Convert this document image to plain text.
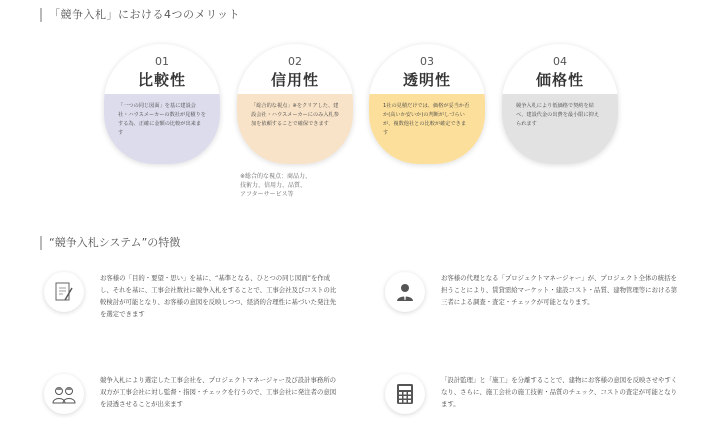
「競争入札」における4つのメリット
01
比較性
「一つの同じ図面」を基に建設会社・ハウスメーカーの数社が見積りをする為、正確に金額の比較が出来ます
02
信用性
「総合的な視点」※をクリアした、建設会社・ハウスメーカーにのみ入札参加を依頼することで確保できます
03
透明性
1社の見積だけでは、価格が妥当か否か(高いか安いか)の判断がしづらいが、複数他社との比較が確定できます
04
価格性
競争入札により低価格で契約を結べ、建設代金の出費を最小限に抑えられます
※総合的な視点：商品力、
技術力、信用力、品質、
アフターサービス等
“競争入札システム”の特徴
お客様の「目的・要望・思い」を基に、“基準となる、ひとつの同じ図面”を作成し、それを基に、工事会社数社に競争入札をすることで、工事会社及びコストの比較検討が可能となり、お客様の意図を反映しつつ、経済的合理性に基づいた発注先を選定できます
お客様の代理となる「プロジェクトマネージャー」が、プロジェクト全体の統括を担うことにより、賃貸需給マーケット・建設コスト・品質、建物管理等における第三者による調査・査定・チェックが可能となります。
競争入札により選定した工事会社を、プロジェクトマネージャー及び設計事務所の双方が工事会社に対し監督・指図・チェックを行うので、工事会社に発注者の意図を浸透させることが出来ます
「設計監理」と「施工」を分離することで、建物にお客様の意図を反映させやすくなり、さらに、施工会社の施工技術・品質のチェック、コストの査定が可能となります。
